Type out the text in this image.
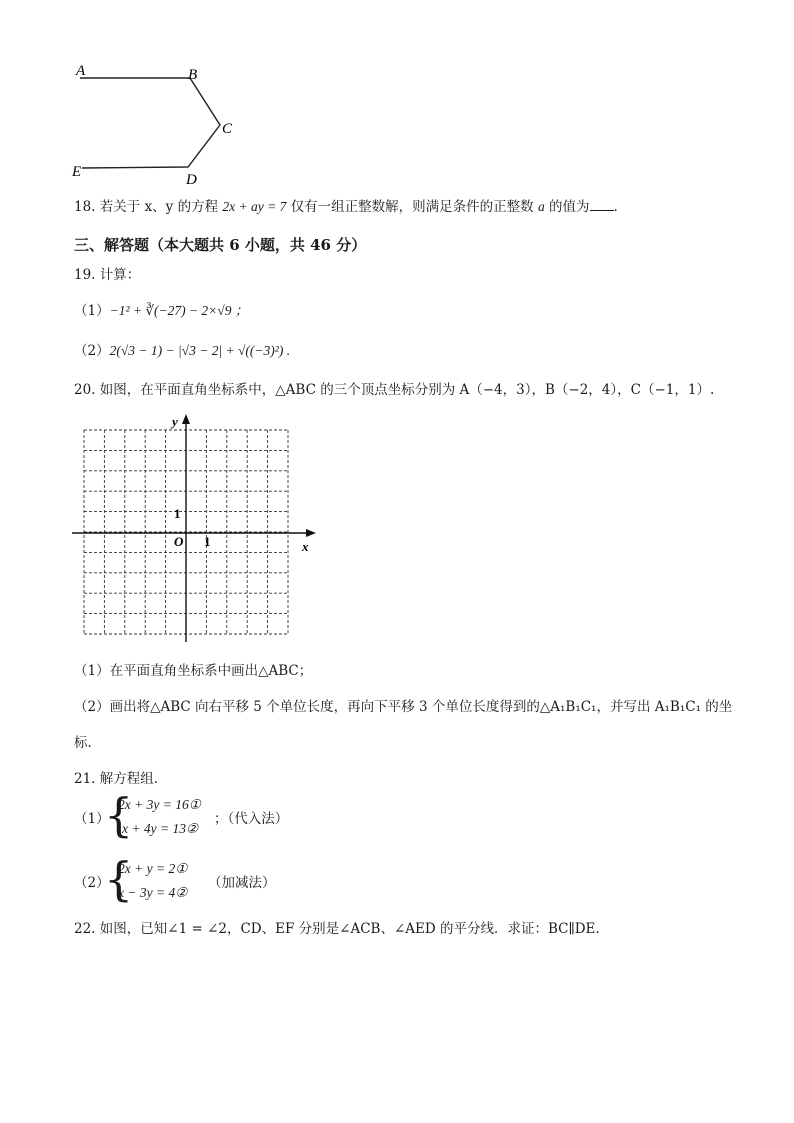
A	B
C
D
E
18. 若关于 x、y 的方程 2x + ay = 7 仅有一组正整数解，则满足条件的正整数 a 的值为 .
三、解答题（本大题共 6 小题，共 46 分）
19. 计算：
（1）−1² + ∛(−27) − 2×√9 ；
（2）2(√3 − 1) − |√3 − 2| + √((−3)²) .
20. 如图，在平面直角坐标系中，△ABC 的三个顶点坐标分别为 A（−4，3），B（−2，4），C（−1，1）.
x
y
O 1
1
（1）在平面直角坐标系中画出△ABC；
（2）画出将△ABC 向右平移 5 个单位长度，再向下平移 3 个单位长度得到的△A₁B₁C₁，并写出 A₁B₁C₁ 的坐
标.
21. 解方程组.
（1）
{
2x + 3y = 16①
x + 4y = 13②
；（代入法）
（2）
{
2x + y = 2①
x − 3y = 4②
（加减法）
22. 如图，已知∠1 = ∠2，CD、EF 分别是∠ACB、∠AED 的平分线．求证：BC∥DE.
